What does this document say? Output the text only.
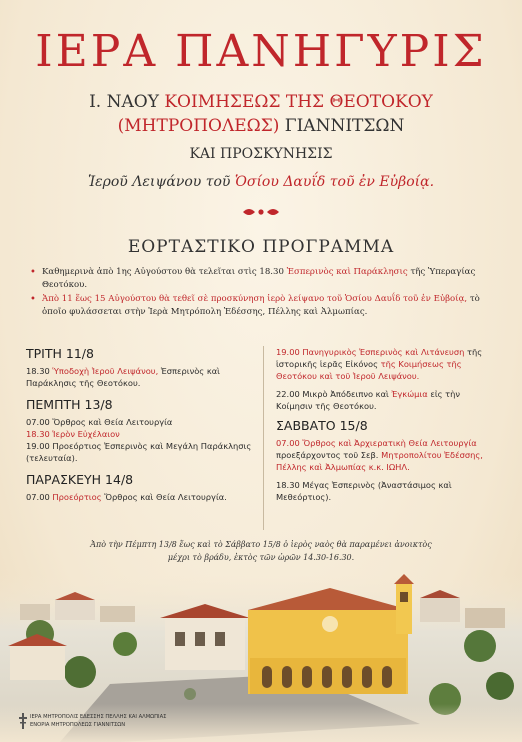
ΙΕΡΑ ΠΑΝΗΓΥΡΙΣ
Ι. ΝΑΟΥ ΚΟΙΜΗΣΕΩΣ ΤΗΣ ΘΕΟΤΟΚΟΥ
(ΜΗΤΡΟΠΟΛΕΩΣ) ΓΙΑΝΝΙΤΣΩΝ
ΚΑΙ ΠΡΟΣΚΥΝΗΣΙΣ
Ἱεροῦ Λειψάνου τοῦ Ὁσίου Δαυΐδ τοῦ ἐν Εὐβοίᾳ.
ΕΟΡΤΑΣΤΙΚΟ ΠΡΟΓΡΑΜΜΑ
• Καθημερινὰ ἀπὸ 1ης Αὐγούστου θὰ τελεῖται στὶς 18.30 Ἑσπερινὸς καὶ Παράκλησις τῆς Ὑπεραγίας Θεοτόκου.
• Ἀπὸ 11 ἕως 15 Αὐγούστου θὰ τεθεῖ σὲ προσκύνηση ἱερὸ λείψανο τοῦ Ὁσίου Δαυΐδ τοῦ ἐν Εὐβοίᾳ, τὸ ὁποῖο φυλάσσεται στὴν Ἱερὰ Μητρόπολη Ἐδέσσης, Πέλλης καὶ Ἀλμωπίας.
ΤΡΙΤΗ 11/8
18.30 Ὑποδοχὴ Ἱεροῦ Λειψάνου, Ἑσπερινὸς καὶ Παράκλησις τῆς Θεοτόκου.
ΠΕΜΠΤΗ 13/8
07.00 Ὄρθρος καὶ Θεία Λειτουργία
18.30 Ἱερὸν Εὐχέλαιον
19.00 Προεόρτιος Ἑσπερινὸς καὶ Μεγάλη Παράκλησις (τελευταία).
ΠΑΡΑΣΚΕΥΗ 14/8
07.00 Προεόρτιος Ὄρθρος καὶ Θεία Λειτουργία.
19.00 Πανηγυρικὸς Ἑσπερινὸς καὶ Λιτάνευση τῆς ἱστορικῆς ἱερᾶς Εἰκόνος τῆς Κοιμήσεως τῆς Θεοτόκου καὶ τοῦ Ἱεροῦ Λειψάνου.
22.00 Μικρὸ Ἀπόδειπνο καὶ Ἐγκώμια εἰς τὴν Κοίμησιν τῆς Θεοτόκου.
ΣΑΒΒΑΤΟ 15/8
07.00 Ὄρθρος καὶ Ἀρχιερατικὴ Θεία Λειτουργία προεξάρχοντος τοῦ Σεβ. Μητροπολίτου Ἐδέσσης, Πέλλης καὶ Ἀλμωπίας κ.κ. ΙΩΗΛ.
18.30 Μέγας Ἑσπερινὸς (Ἀναστάσιμος καὶ Μεθεόρτιος).
Ἀπὸ τὴν Πέμπτη 13/8 ἕως καὶ τὸ Σάββατο 15/8 ὁ ἱερὸς ναὸς θὰ παραμένει ἀνοικτὸς
μέχρι τὸ βράδυ, ἐκτὸς τῶν ὡρῶν 14.30-16.30.
ΙΕΡΑ ΜΗΤΡΟΠΟΛΙΣ ΕΔΕΣΣΗΣ ΠΕΛΛΗΣ ΚΑΙ ΑΛΜΩΠΙΑΣ
ΕΝΟΡΙΑ ΜΗΤΡΟΠΟΛΕΩΣ ΓΙΑΝΝΙΤΣΩΝ
